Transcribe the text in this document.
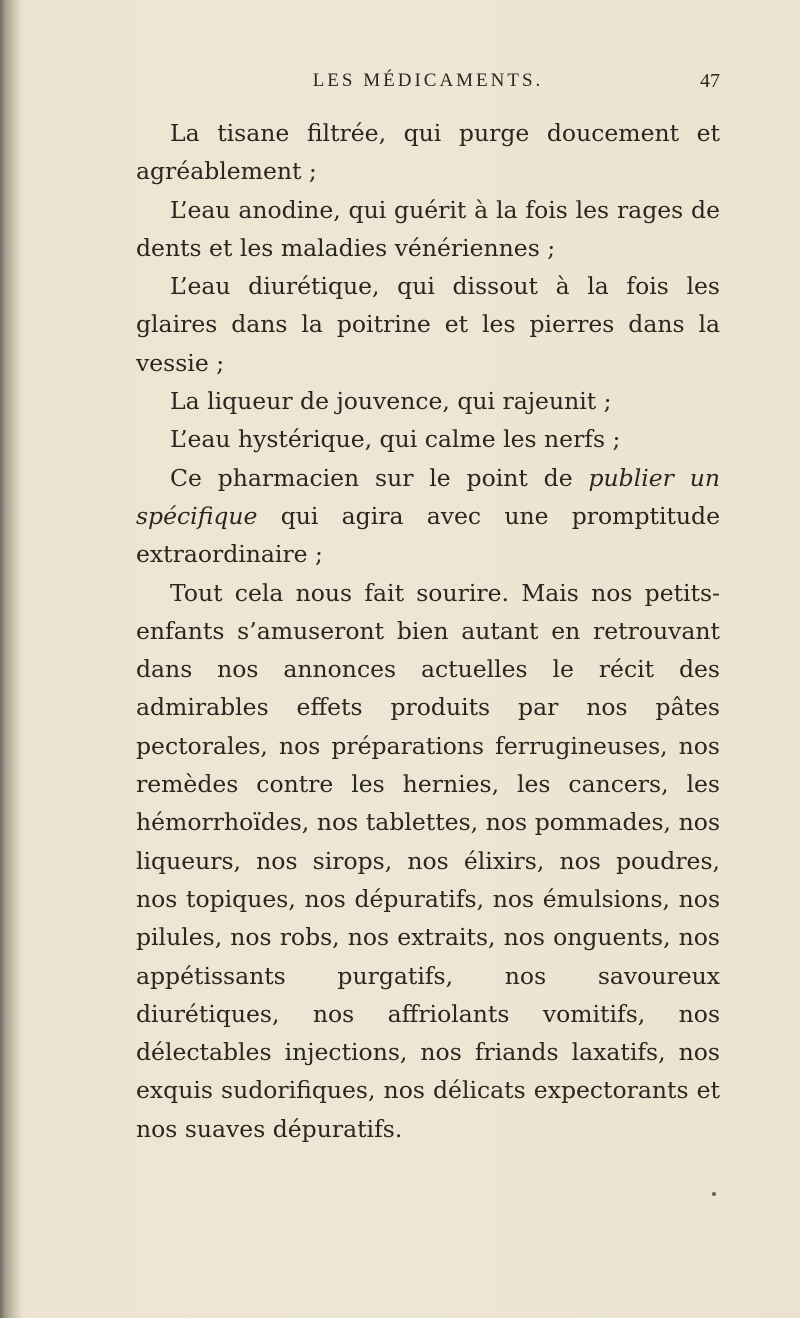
LES MÉDICAMENTS.	47

La tisane filtrée, qui purge doucement et agréablement ;

L’eau anodine, qui guérit à la fois les rages de dents et les maladies vénériennes ;

L’eau diurétique, qui dissout à la fois les glaires dans la poitrine et les pierres dans la vessie ;

La liqueur de jouvence, qui rajeunit ;

L’eau hystérique, qui calme les nerfs ;

Ce pharmacien sur le point de publier un spécifique qui agira avec une promptitude extraordinaire ;

Tout cela nous fait sourire. Mais nos petits-enfants s’amuseront bien autant en retrouvant dans nos annonces actuelles le récit des admirables effets produits par nos pâtes pectorales, nos préparations ferrugineuses, nos remèdes contre les hernies, les cancers, les hémorrhoïdes, nos tablettes, nos pommades, nos liqueurs, nos sirops, nos élixirs, nos poudres, nos topiques, nos dépuratifs, nos émulsions, nos pilules, nos robs, nos extraits, nos onguents, nos appétissants purgatifs, nos savoureux diurétiques, nos affriolants vomitifs, nos délectables injections, nos friands laxatifs, nos exquis sudorifiques, nos délicats expectorants et nos suaves dépuratifs.
